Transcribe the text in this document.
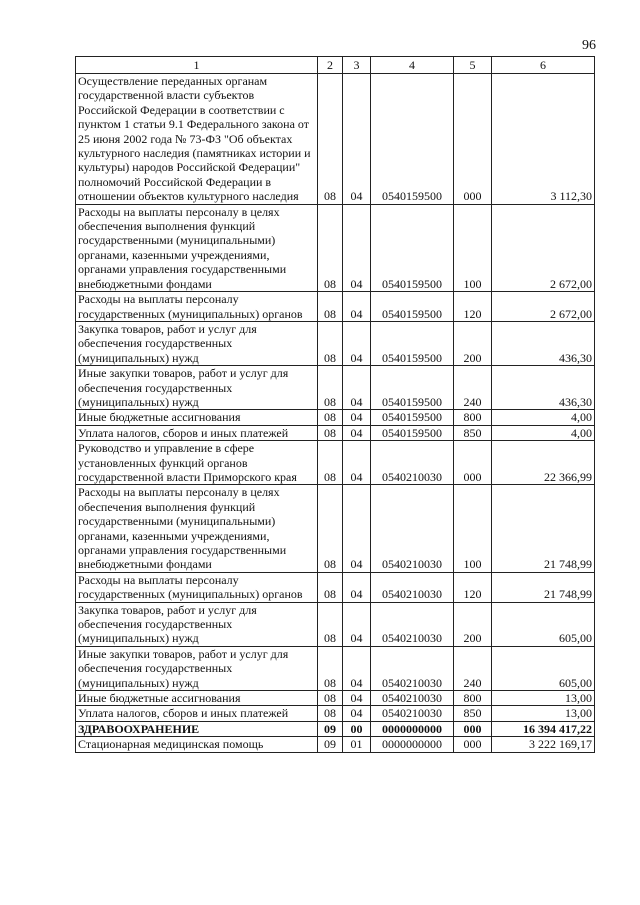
96
1	2	3	4	5	6
Осуществление переданных органам государственной власти субъектов Российской Федерации в соответствии с пунктом 1 статьи 9.1 Федерального закона от 25 июня 2002 года № 73-ФЗ "Об объектах культурного наследия (памятниках истории и культуры) народов Российской Федерации" полномочий Российской Федерации в отношении объектов культурного наследия	08	04	0540159500	000	3 112,30
Расходы на выплаты персоналу в целях обеспечения выполнения функций государственными (муниципальными) органами, казенными учреждениями, органами управления государственными внебюджетными фондами	08	04	0540159500	100	2 672,00
Расходы на выплаты персоналу государственных (муниципальных) органов	08	04	0540159500	120	2 672,00
Закупка товаров, работ и услуг для обеспечения государственных (муниципальных) нужд	08	04	0540159500	200	436,30
Иные закупки товаров, работ и услуг для обеспечения государственных (муниципальных) нужд	08	04	0540159500	240	436,30
Иные бюджетные ассигнования	08	04	0540159500	800	4,00
Уплата налогов, сборов и иных платежей	08	04	0540159500	850	4,00
Руководство и управление в сфере установленных функций органов государственной власти Приморского края	08	04	0540210030	000	22 366,99
Расходы на выплаты персоналу в целях обеспечения выполнения функций государственными (муниципальными) органами, казенными учреждениями, органами управления государственными внебюджетными фондами	08	04	0540210030	100	21 748,99
Расходы на выплаты персоналу государственных (муниципальных) органов	08	04	0540210030	120	21 748,99
Закупка товаров, работ и услуг для обеспечения государственных (муниципальных) нужд	08	04	0540210030	200	605,00
Иные закупки товаров, работ и услуг для обеспечения государственных (муниципальных) нужд	08	04	0540210030	240	605,00
Иные бюджетные ассигнования	08	04	0540210030	800	13,00
Уплата налогов, сборов и иных платежей	08	04	0540210030	850	13,00
ЗДРАВООХРАНЕНИЕ	09	00	0000000000	000	16 394 417,22
Стационарная медицинская помощь	09	01	0000000000	000	3 222 169,17
